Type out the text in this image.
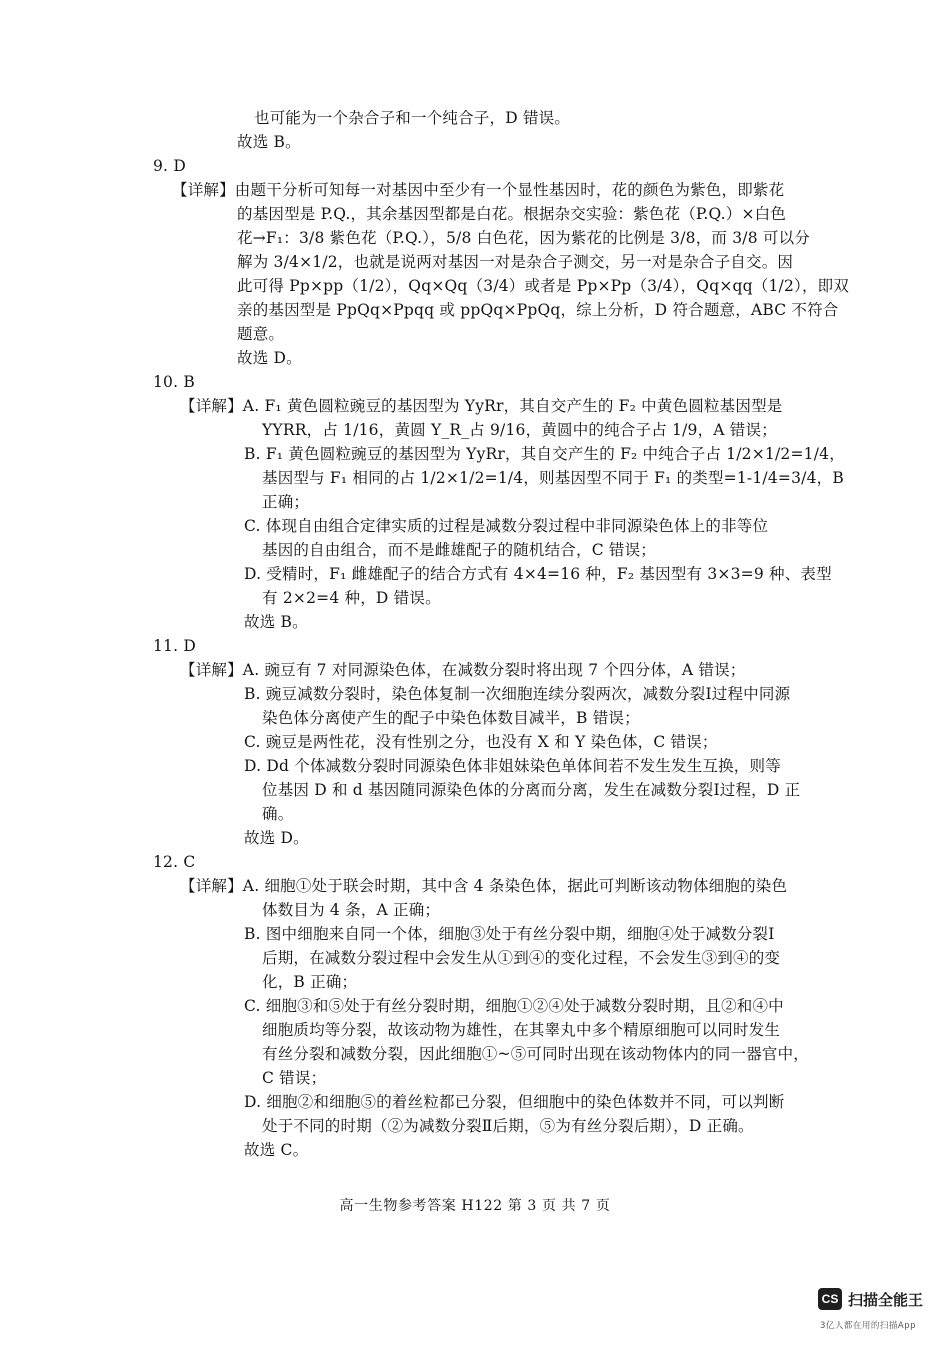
也可能为一个杂合子和一个纯合子，D 错误。
故选 B。
9. D
【详解】由题干分析可知每一对基因中至少有一个显性基因时，花的颜色为紫色，即紫花
的基因型是 P.Q.，其余基因型都是白花。根据杂交实验：紫色花（P.Q.）×白色
花→F₁：3/8 紫色花（P.Q.），5/8 白色花，因为紫花的比例是 3/8，而 3/8 可以分
解为 3/4×1/2，也就是说两对基因一对是杂合子测交，另一对是杂合子自交。因
此可得 Pp×pp（1/2），Qq×Qq（3/4）或者是 Pp×Pp（3/4），Qq×qq（1/2），即双
亲的基因型是 PpQq×Ppqq 或 ppQq×PpQq，综上分析，D 符合题意，ABC 不符合
题意。
故选 D。
10. B
【详解】A. F₁ 黄色圆粒豌豆的基因型为 YyRr，其自交产生的 F₂ 中黄色圆粒基因型是
YYRR，占 1/16，黄圆 Y_R_占 9/16，黄圆中的纯合子占 1/9，A 错误；
B. F₁ 黄色圆粒豌豆的基因型为 YyRr，其自交产生的 F₂ 中纯合子占 1/2×1/2=1/4，
基因型与 F₁ 相同的占 1/2×1/2=1/4，则基因型不同于 F₁ 的类型=1-1/4=3/4，B
正确；
C. 体现自由组合定律实质的过程是减数分裂过程中非同源染色体上的非等位
基因的自由组合，而不是雌雄配子的随机结合，C 错误；
D. 受精时，F₁ 雌雄配子的结合方式有 4×4=16 种，F₂ 基因型有 3×3=9 种、表型
有 2×2=4 种，D 错误。
故选 B。
11. D
【详解】A. 豌豆有 7 对同源染色体，在减数分裂时将出现 7 个四分体，A 错误；
B. 豌豆减数分裂时，染色体复制一次细胞连续分裂两次，减数分裂Ⅰ过程中同源
染色体分离使产生的配子中染色体数目减半，B 错误；
C. 豌豆是两性花，没有性别之分，也没有 X 和 Y 染色体，C 错误；
D. Dd 个体减数分裂时同源染色体非姐妹染色单体间若不发生发生互换，则等
位基因 D 和 d 基因随同源染色体的分离而分离，发生在减数分裂Ⅰ过程，D 正
确。
故选 D。
12. C
【详解】A. 细胞①处于联会时期，其中含 4 条染色体，据此可判断该动物体细胞的染色
体数目为 4 条，A 正确；
B. 图中细胞来自同一个体，细胞③处于有丝分裂中期，细胞④处于减数分裂Ⅰ
后期，在减数分裂过程中会发生从①到④的变化过程，不会发生③到④的变
化，B 正确；
C. 细胞③和⑤处于有丝分裂时期，细胞①②④处于减数分裂时期，且②和④中
细胞质均等分裂，故该动物为雄性，在其睾丸中多个精原细胞可以同时发生
有丝分裂和减数分裂，因此细胞①~⑤可同时出现在该动物体内的同一器官中，
C 错误；
D. 细胞②和细胞⑤的着丝粒都已分裂，但细胞中的染色体数并不同，可以判断
处于不同的时期（②为减数分裂Ⅱ后期，⑤为有丝分裂后期），D 正确。
故选 C。
高一生物参考答案 H122 第 3 页 共 7 页
CS 扫描全能王
3亿人都在用的扫描App
